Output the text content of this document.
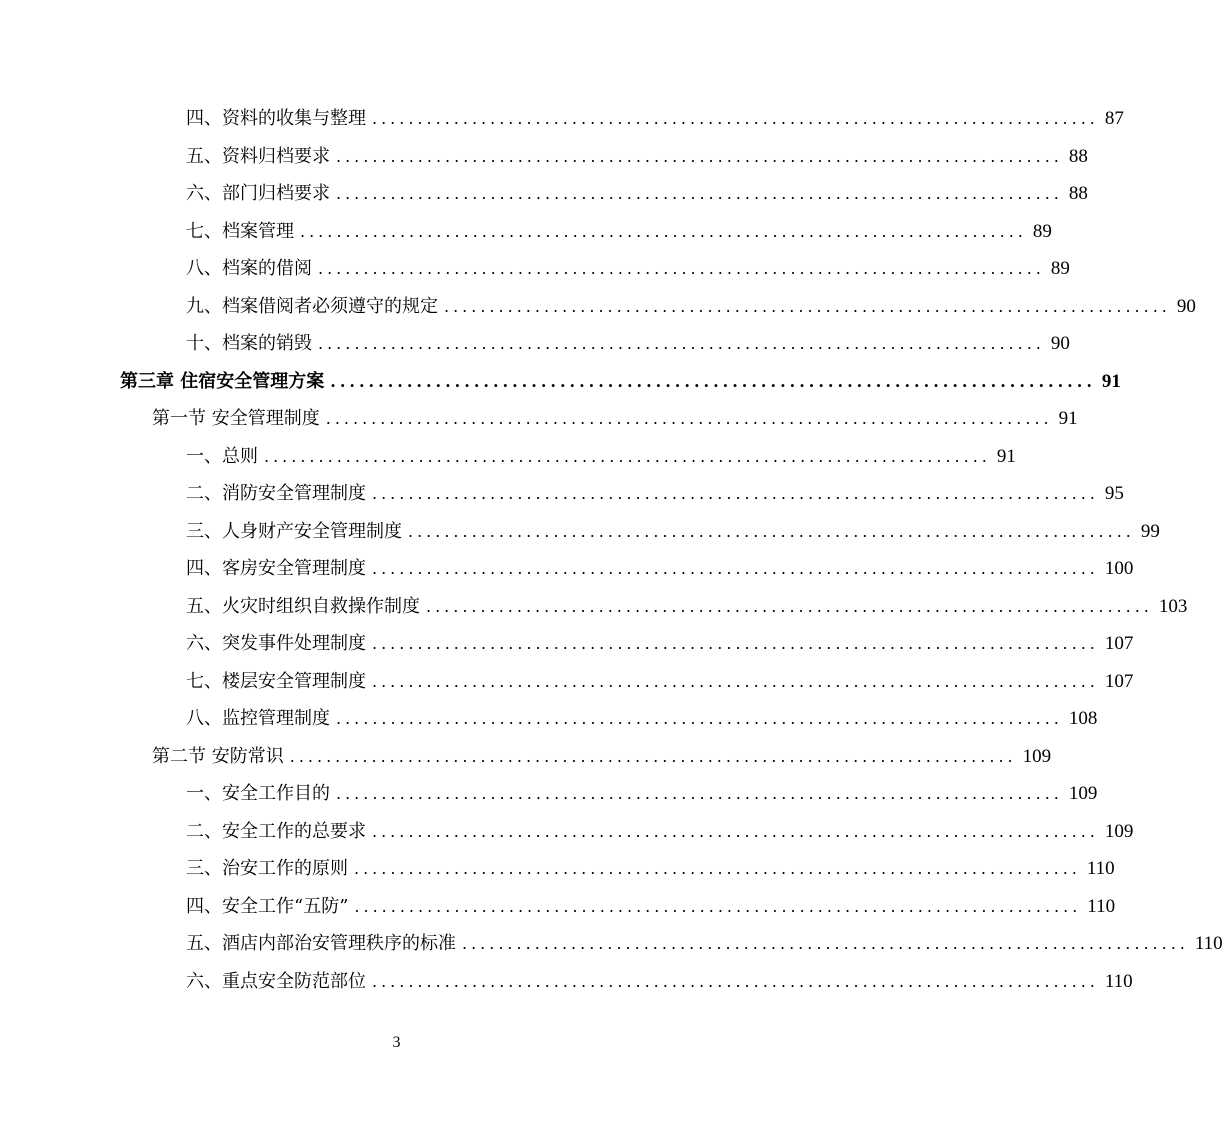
四、资料的收集与整理 ................................................................................ 87
五、资料归档要求 ................................................................................ 88
六、部门归档要求 ................................................................................ 88
七、档案管理 ................................................................................ 89
八、档案的借阅 ................................................................................ 89
九、档案借阅者必须遵守的规定 ................................................................................ 90
十、档案的销毁 ................................................................................ 90
第三章 住宿安全管理方案 ................................................................................ 91
第一节 安全管理制度 ................................................................................ 91
一、总则 ................................................................................ 91
二、消防安全管理制度 ................................................................................ 95
三、人身财产安全管理制度 ................................................................................ 99
四、客房安全管理制度 ................................................................................ 100
五、火灾时组织自救操作制度 ................................................................................ 103
六、突发事件处理制度 ................................................................................ 107
七、楼层安全管理制度 ................................................................................ 107
八、监控管理制度 ................................................................................ 108
第二节 安防常识 ................................................................................ 109
一、安全工作目的 ................................................................................ 109
二、安全工作的总要求 ................................................................................ 109
三、治安工作的原则 ................................................................................ 110
四、安全工作“五防” ................................................................................ 110
五、酒店内部治安管理秩序的标准 ................................................................................ 110
六、重点安全防范部位 ................................................................................ 110
3
